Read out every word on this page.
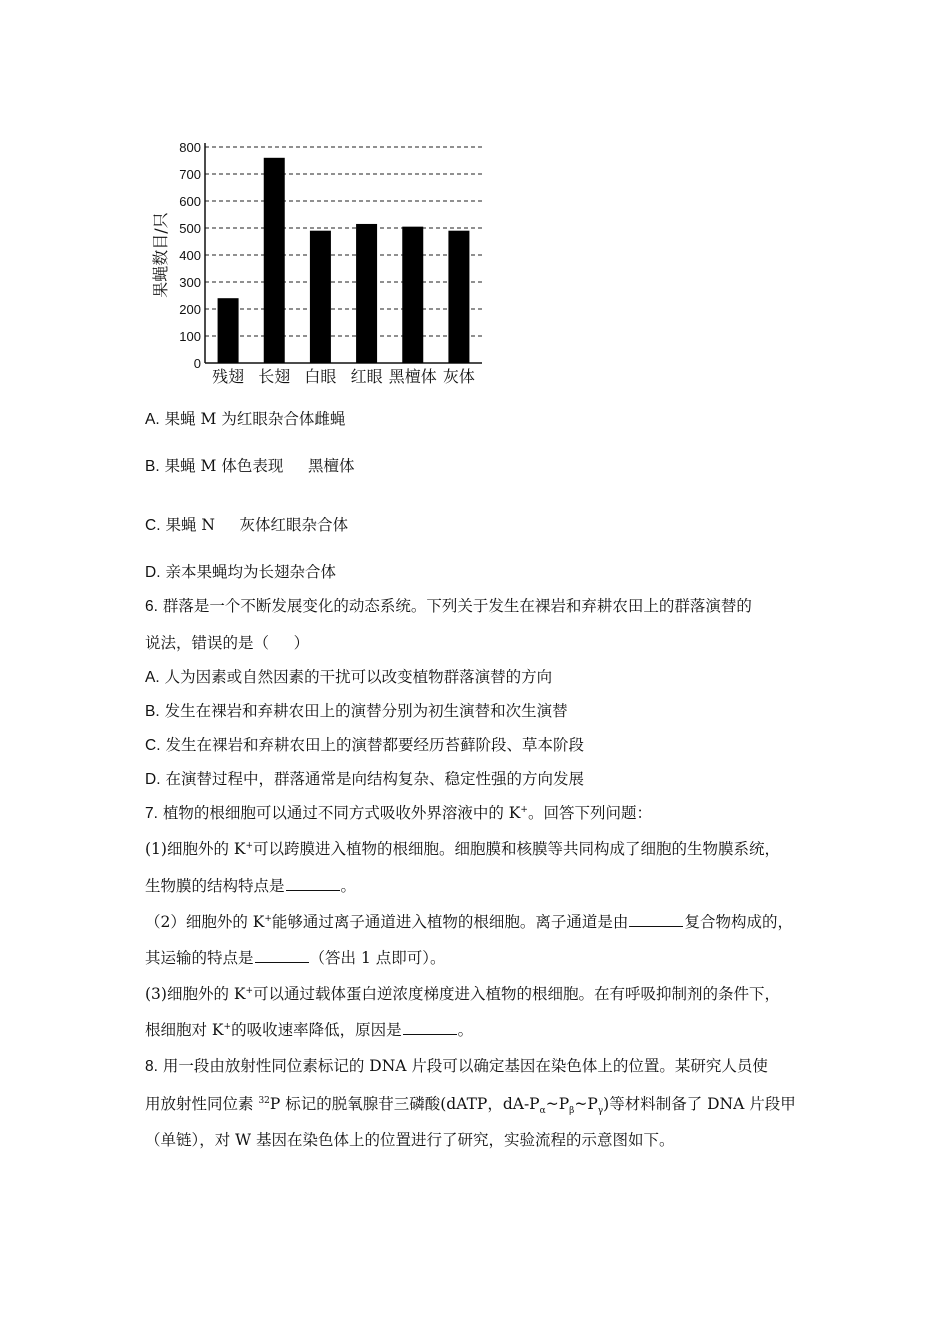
0
100
200
300
400
500
600
700
800
残翅 长翅 白眼 红眼 黑檀体 灰体
果蝇数目/只
A. 果蝇 M 为红眼杂合体雌蝇
B. 果蝇 M 体色表现     黑檀体
C. 果蝇 N     灰体红眼杂合体
D. 亲本果蝇均为长翅杂合体
6. 群落是一个不断发展变化的动态系统。下列关于发生在裸岩和弃耕农田上的群落演替的
说法，错误的是（     ）
A. 人为因素或自然因素的干扰可以改变植物群落演替的方向
B. 发生在裸岩和弃耕农田上的演替分别为初生演替和次生演替
C. 发生在裸岩和弃耕农田上的演替都要经历苔藓阶段、草本阶段
D. 在演替过程中，群落通常是向结构复杂、稳定性强的方向发展
7. 植物的根细胞可以通过不同方式吸收外界溶液中的 K+。回答下列问题：
(1)细胞外的 K+可以跨膜进入植物的根细胞。细胞膜和核膜等共同构成了细胞的生物膜系统，
生物膜的结构特点是	。
（2）细胞外的 K+能够通过离子通道进入植物的根细胞。离子通道是由	复合物构成的，
其运输的特点是	（答出 1 点即可）。
(3)细胞外的 K+可以通过载体蛋白逆浓度梯度进入植物的根细胞。在有呼吸抑制剂的条件下，
根细胞对 K+的吸收速率降低，原因是	。
8. 用一段由放射性同位素标记的 DNA 片段可以确定基因在染色体上的位置。某研究人员使
用放射性同位素 $^{32}$P 标记的脱氧腺苷三磷酸(dATP，$dA-P_\alpha\sim P_\beta\sim P_\gamma$)等材料制备了 DNA 片段甲
（单链），对 W 基因在染色体上的位置进行了研究，实验流程的示意图如下。
